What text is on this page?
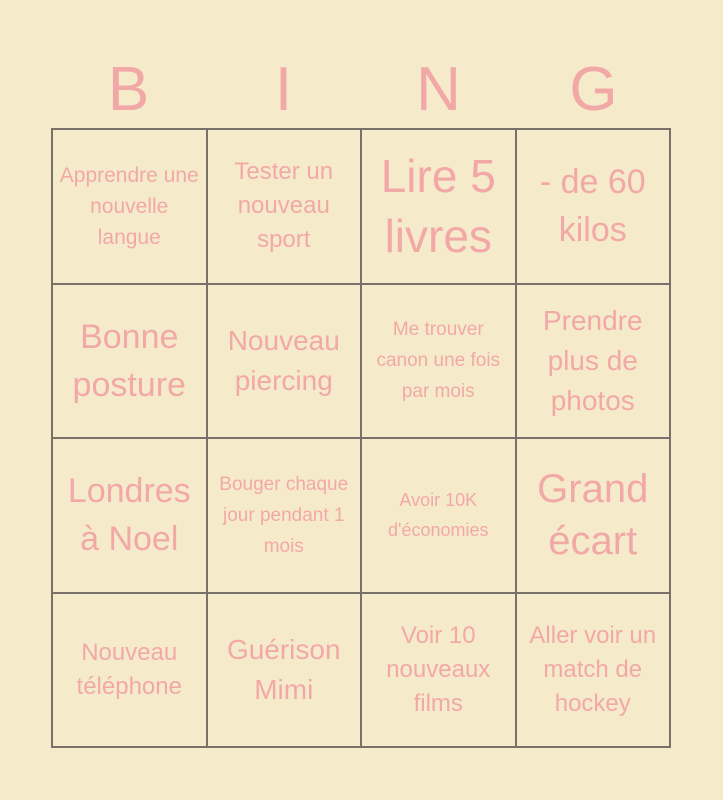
B	I	N	G
Apprendre une nouvelle langue
Tester un nouveau sport
Lire 5 livres
- de 60 kilos
Bonne posture
Nouveau piercing
Me trouver canon une fois par mois
Prendre plus de photos
Londres à Noel
Bouger chaque jour pendant 1 mois
Avoir 10K d'économies
Grand écart
Nouveau téléphone
Guérison Mimi
Voir 10 nouveaux films
Aller voir un match de hockey
